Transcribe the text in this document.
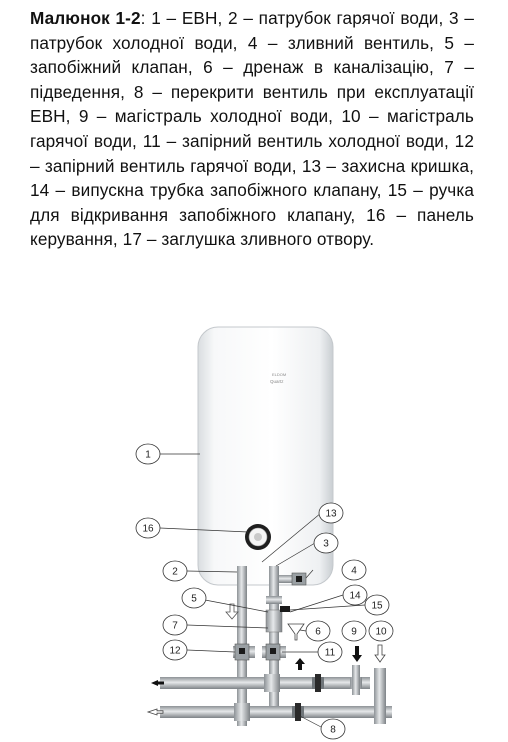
Малюнок 1-2: 1 – ЕВН, 2 – патрубок гарячої води, 3 – патрубок холодної води, 4 – зливний вентиль, 5 – запобіжний клапан, 6 – дренаж в каналізацію, 7 – підведення, 8 – перекрити вентиль при експлуатації ЕВН, 9 – магістраль холодної води, 10 – магістраль гарячої води, 11 – запірний вентиль холодної води, 12 – запірний вентиль гарячої води, 13 – захисна кришка, 14 – випускна трубка запобіжного клапану, 15 – ручка для відкривання запобіжного клапану, 16 – панель керування, 17 – заглушка зливного отвору.
ELDOM
Quartz
1
16
13
3
2	4
5	14
15
7
6	9 10
12	11
8
